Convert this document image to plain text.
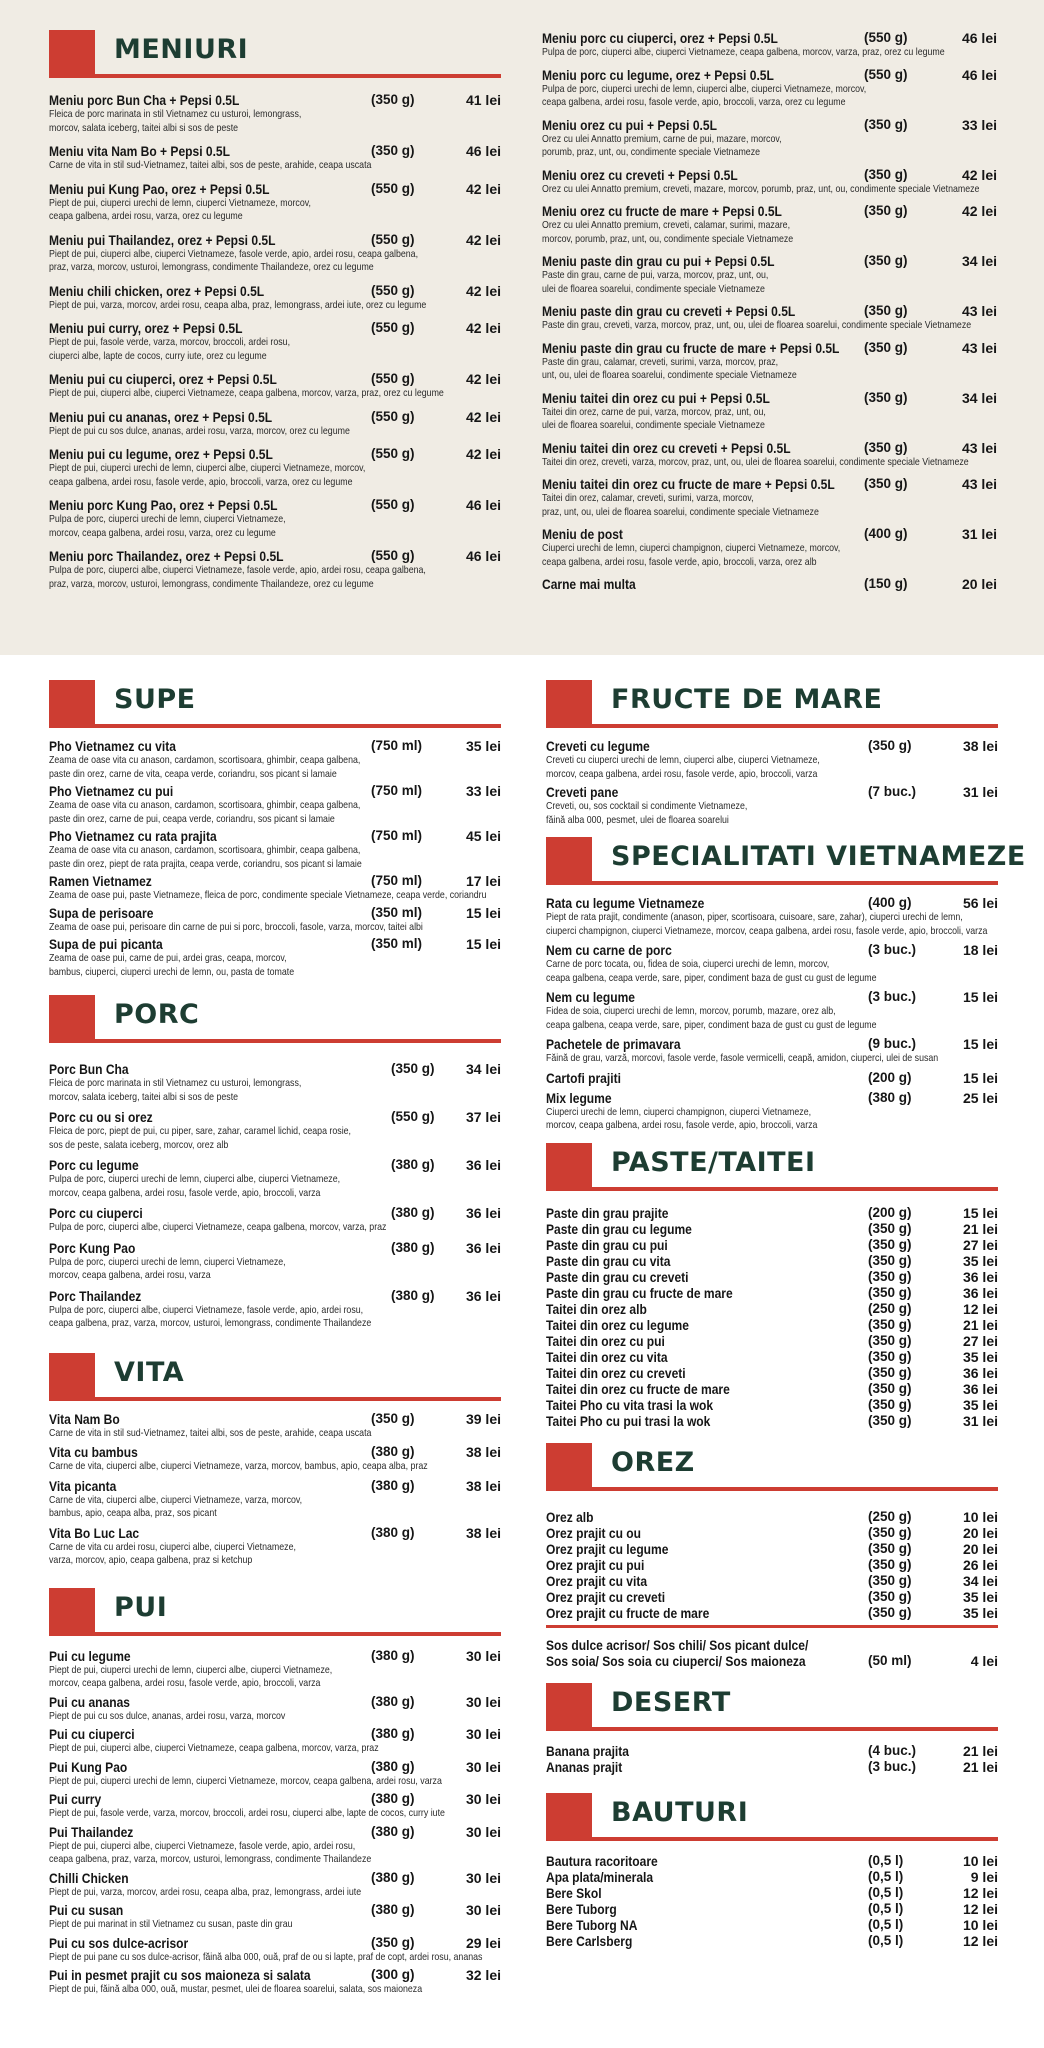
MENIURI
Meniu porc Bun Cha + Pepsi 0.5L	(350 g)	41 lei
Fleica de porc marinata in stil Vietnamez cu usturoi, lemongrass,
morcov, salata iceberg, taitei albi si sos de peste
Meniu vita Nam Bo + Pepsi 0.5L	(350 g)	46 lei
Carne de vita in stil sud-Vietnamez, taitei albi, sos de peste, arahide, ceapa uscata
Meniu pui Kung Pao, orez + Pepsi 0.5L	(550 g)	42 lei
Piept de pui, ciuperci urechi de lemn, ciuperci Vietnameze, morcov,
ceapa galbena, ardei rosu, varza, orez cu legume
Meniu pui Thailandez, orez + Pepsi 0.5L	(550 g)	42 lei
Piept de pui, ciuperci albe, ciuperci Vietnameze, fasole verde, apio, ardei rosu, ceapa galbena,
praz, varza, morcov, usturoi, lemongrass, condimente Thailandeze, orez cu legume
Meniu chili chicken, orez + Pepsi 0.5L	(550 g)	42 lei
Piept de pui, varza, morcov, ardei rosu, ceapa alba, praz, lemongrass, ardei iute, orez cu legume
Meniu pui curry, orez + Pepsi 0.5L	(550 g)	42 lei
Piept de pui, fasole verde, varza, morcov, broccoli, ardei rosu,
ciuperci albe, lapte de cocos, curry iute, orez cu legume
Meniu pui cu ciuperci, orez + Pepsi 0.5L	(550 g)	42 lei
Piept de pui, ciuperci albe, ciuperci Vietnameze, ceapa galbena, morcov, varza, praz, orez cu legume
Meniu pui cu ananas, orez + Pepsi 0.5L	(550 g)	42 lei
Piept de pui cu sos dulce, ananas, ardei rosu, varza, morcov, orez cu legume
Meniu pui cu legume, orez + Pepsi 0.5L	(550 g)	42 lei
Piept de pui, ciuperci urechi de lemn, ciuperci albe, ciuperci Vietnameze, morcov,
ceapa galbena, ardei rosu, fasole verde, apio, broccoli, varza, orez cu legume
Meniu porc Kung Pao, orez + Pepsi 0.5L	(550 g)	46 lei
Pulpa de porc, ciuperci urechi de lemn, ciuperci Vietnameze,
morcov, ceapa galbena, ardei rosu, varza, orez cu legume
Meniu porc Thailandez, orez + Pepsi 0.5L	(550 g)	46 lei
Pulpa de porc, ciuperci albe, ciuperci Vietnameze, fasole verde, apio, ardei rosu, ceapa galbena,
praz, varza, morcov, usturoi, lemongrass, condimente Thailandeze, orez cu legume
Meniu porc cu ciuperci, orez + Pepsi 0.5L	(550 g)	46 lei
Pulpa de porc, ciuperci albe, ciuperci Vietnameze, ceapa galbena, morcov, varza, praz, orez cu legume
Meniu porc cu legume, orez + Pepsi 0.5L	(550 g)	46 lei
Pulpa de porc, ciuperci urechi de lemn, ciuperci albe, ciuperci Vietnameze, morcov,
ceapa galbena, ardei rosu, fasole verde, apio, broccoli, varza, orez cu legume
Meniu orez cu pui + Pepsi 0.5L	(350 g)	33 lei
Orez cu ulei Annatto premium, carne de pui, mazare, morcov,
porumb, praz, unt, ou, condimente speciale Vietnameze
Meniu orez cu creveti + Pepsi 0.5L	(350 g)	42 lei
Orez cu ulei Annatto premium, creveti, mazare, morcov, porumb, praz, unt, ou, condimente speciale Vietnameze
Meniu orez cu fructe de mare + Pepsi 0.5L	(350 g)	42 lei
Orez cu ulei Annatto premium, creveti, calamar, surimi, mazare,
morcov, porumb, praz, unt, ou, condimente speciale Vietnameze
Meniu paste din grau cu pui + Pepsi 0.5L	(350 g)	34 lei
Paste din grau, carne de pui, varza, morcov, praz, unt, ou,
ulei de floarea soarelui, condimente speciale Vietnameze
Meniu paste din grau cu creveti + Pepsi 0.5L	(350 g)	43 lei
Paste din grau, creveti, varza, morcov, praz, unt, ou, ulei de floarea soarelui, condimente speciale Vietnameze
Meniu paste din grau cu fructe de mare + Pepsi 0.5L	(350 g)	43 lei
Paste din grau, calamar, creveti, surimi, varza, morcov, praz,
unt, ou, ulei de floarea soarelui, condimente speciale Vietnameze
Meniu taitei din orez cu pui + Pepsi 0.5L	(350 g)	34 lei
Taitei din orez, carne de pui, varza, morcov, praz, unt, ou,
ulei de floarea soarelui, condimente speciale Vietnameze
Meniu taitei din orez cu creveti + Pepsi 0.5L	(350 g)	43 lei
Taitei din orez, creveti, varza, morcov, praz, unt, ou, ulei de floarea soarelui, condimente speciale Vietnameze
Meniu taitei din orez cu fructe de mare + Pepsi 0.5L	(350 g)	43 lei
Taitei din orez, calamar, creveti, surimi, varza, morcov,
praz, unt, ou, ulei de floarea soarelui, condimente speciale Vietnameze
Meniu de post	(400 g)	31 lei
Ciuperci urechi de lemn, ciuperci champignon, ciuperci Vietnameze, morcov,
ceapa galbena, ardei rosu, fasole verde, apio, broccoli, varza, orez alb
Carne mai multa	(150 g)	20 lei
SUPE
Pho Vietnamez cu vita	(750 ml)	35 lei
Zeama de oase vita cu anason, cardamon, scortisoara, ghimbir, ceapa galbena,
paste din orez, carne de vita, ceapa verde, coriandru, sos picant si lamaie
Pho Vietnamez cu pui	(750 ml)	33 lei
Zeama de oase vita cu anason, cardamon, scortisoara, ghimbir, ceapa galbena,
paste din orez, carne de pui, ceapa verde, coriandru, sos picant si lamaie
Pho Vietnamez cu rata prajita	(750 ml)	45 lei
Zeama de oase vita cu anason, cardamon, scortisoara, ghimbir, ceapa galbena,
paste din orez, piept de rata prajita, ceapa verde, coriandru, sos picant si lamaie
Ramen Vietnamez	(750 ml)	17 lei
Zeama de oase pui, paste Vietnameze, fleica de porc, condimente speciale Vietnameze, ceapa verde, coriandru
Supa de perisoare	(350 ml)	15 lei
Zeama de oase pui, perisoare din carne de pui si porc, broccoli, fasole, varza, morcov, taitei albi
Supa de pui picanta	(350 ml)	15 lei
Zeama de oase pui, carne de pui, ardei gras, ceapa, morcov,
bambus, ciuperci, ciuperci urechi de lemn, ou, pasta de tomate
PORC
Porc Bun Cha	(350 g) 34 lei
Fleica de porc marinata in stil Vietnamez cu usturoi, lemongrass,
morcov, salata iceberg, taitei albi si sos de peste
Porc cu ou si orez	(550 g) 37 lei
Fleica de porc, piept de pui, cu piper, sare, zahar, caramel lichid, ceapa rosie,
sos de peste, salata iceberg, morcov, orez alb
Porc cu legume	(380 g) 36 lei
Pulpa de porc, ciuperci urechi de lemn, ciuperci albe, ciuperci Vietnameze,
morcov, ceapa galbena, ardei rosu, fasole verde, apio, broccoli, varza
Porc cu ciuperci	(380 g) 36 lei
Pulpa de porc, ciuperci albe, ciuperci Vietnameze, ceapa galbena, morcov, varza, praz
Porc Kung Pao	(380 g) 36 lei
Pulpa de porc, ciuperci urechi de lemn, ciuperci Vietnameze,
morcov, ceapa galbena, ardei rosu, varza
Porc Thailandez	(380 g) 36 lei
Pulpa de porc, ciuperci albe, ciuperci Vietnameze, fasole verde, apio, ardei rosu,
ceapa galbena, praz, varza, morcov, usturoi, lemongrass, condimente Thailandeze
VITA
Vita Nam Bo	(350 g)	39 lei
Carne de vita in stil sud-Vietnamez, taitei albi, sos de peste, arahide, ceapa uscata
Vita cu bambus	(380 g)	38 lei
Carne de vita, ciuperci albe, ciuperci Vietnameze, varza, morcov, bambus, apio, ceapa alba, praz
Vita picanta	(380 g)	38 lei
Carne de vita, ciuperci albe, ciuperci Vietnameze, varza, morcov,
bambus, apio, ceapa alba, praz, sos picant
Vita Bo Luc Lac	(380 g)	38 lei
Carne de vita cu ardei rosu, ciuperci albe, ciuperci Vietnameze,
varza, morcov, apio, ceapa galbena, praz si ketchup
PUI
Pui cu legume	(380 g)	30 lei
Piept de pui, ciuperci urechi de lemn, ciuperci albe, ciuperci Vietnameze,
morcov, ceapa galbena, ardei rosu, fasole verde, apio, broccoli, varza
Pui cu ananas	(380 g)	30 lei
Piept de pui cu sos dulce, ananas, ardei rosu, varza, morcov
Pui cu ciuperci	(380 g)	30 lei
Piept de pui, ciuperci albe, ciuperci Vietnameze, ceapa galbena, morcov, varza, praz
Pui Kung Pao	(380 g)	30 lei
Piept de pui, ciuperci urechi de lemn, ciuperci Vietnameze, morcov, ceapa galbena, ardei rosu, varza
Pui curry	(380 g)	30 lei
Piept de pui, fasole verde, varza, morcov, broccoli, ardei rosu, ciuperci albe, lapte de cocos, curry iute
Pui Thailandez	(380 g)	30 lei
Piept de pui, ciuperci albe, ciuperci Vietnameze, fasole verde, apio, ardei rosu,
ceapa galbena, praz, varza, morcov, usturoi, lemongrass, condimente Thailandeze
Chilli Chicken	(380 g)	30 lei
Piept de pui, varza, morcov, ardei rosu, ceapa alba, praz, lemongrass, ardei iute
Pui cu susan	(380 g)	30 lei
Piept de pui marinat in stil Vietnamez cu susan, paste din grau
Pui cu sos dulce-acrisor	(350 g)	29 lei
Piept de pui pane cu sos dulce-acrisor, făină alba 000, ouă, praf de ou si lapte, praf de copt, ardei rosu, ananas
Pui in pesmet prajit cu sos maioneza si salata	(300 g)	32 lei
Piept de pui, făină alba 000, ouă, mustar, pesmet, ulei de floarea soarelui, salata, sos maioneza
FRUCTE DE MARE
Creveti cu legume	(350 g)	38 lei
Creveti cu ciuperci urechi de lemn, ciuperci albe, ciuperci Vietnameze,
morcov, ceapa galbena, ardei rosu, fasole verde, apio, broccoli, varza
Creveti pane	(7 buc.)	31 lei
Creveti, ou, sos cocktail si condimente Vietnameze,
făină alba 000, pesmet, ulei de floarea soarelui
SPECIALITATI VIETNAMEZE
Rata cu legume Vietnameze	(400 g)	56 lei
Piept de rata prajit, condimente (anason, piper, scortisoara, cuisoare, sare, zahar), ciuperci urechi de lemn,
ciuperci champignon, ciuperci Vietnameze, morcov, ceapa galbena, ardei rosu, fasole verde, apio, broccoli, varza
Nem cu carne de porc	(3 buc.)	18 lei
Carne de porc tocata, ou, fidea de soia, ciuperci urechi de lemn, morcov,
ceapa galbena, ceapa verde, sare, piper, condiment baza de gust cu gust de legume
Nem cu legume	(3 buc.)	15 lei
Fidea de soia, ciuperci urechi de lemn, morcov, porumb, mazare, orez alb,
ceapa galbena, ceapa verde, sare, piper, condiment baza de gust cu gust de legume
Pachetele de primavara	(9 buc.)	15 lei
Făină de grau, varză, morcovi, fasole verde, fasole vermicelli, ceapă, amidon, ciuperci, ulei de susan
Cartofi prajiti	(200 g)	15 lei
Mix legume	(380 g)	25 lei
Ciuperci urechi de lemn, ciuperci champignon, ciuperci Vietnameze,
morcov, ceapa galbena, ardei rosu, fasole verde, apio, broccoli, varza
PASTE/TAITEI
Paste din grau prajite	(200 g)	15 lei
Paste din grau cu legume	(350 g)	21 lei
Paste din grau cu pui	(350 g)	27 lei
Paste din grau cu vita	(350 g)	35 lei
Paste din grau cu creveti	(350 g)	36 lei
Paste din grau cu fructe de mare	(350 g)	36 lei
Taitei din orez alb	(250 g)	12 lei
Taitei din orez cu legume	(350 g)	21 lei
Taitei din orez cu pui	(350 g)	27 lei
Taitei din orez cu vita	(350 g)	35 lei
Taitei din orez cu creveti	(350 g)	36 lei
Taitei din orez cu fructe de mare	(350 g)	36 lei
Taitei Pho cu vita trasi la wok	(350 g)	35 lei
Taitei Pho cu pui trasi la wok	(350 g)	31 lei
OREZ
Orez alb	(250 g)	10 lei
Orez prajit cu ou	(350 g)	20 lei
Orez prajit cu legume	(350 g)	20 lei
Orez prajit cu pui	(350 g)	26 lei
Orez prajit cu vita	(350 g)	34 lei
Orez prajit cu creveti	(350 g)	35 lei
Orez prajit cu fructe de mare	(350 g)	35 lei
Sos dulce acrisor/ Sos chili/ Sos picant dulce/
Sos soia/ Sos soia cu ciuperci/ Sos maioneza	(50 ml)	4 lei
DESERT
Banana prajita	(4 buc.)	21 lei
Ananas prajit	(3 buc.)	21 lei
BAUTURI
Bautura racoritoare	(0,5 l)	10 lei
Apa plata/minerala	(0,5 l)	9 lei
Bere Skol	(0,5 l)	12 lei
Bere Tuborg	(0,5 l)	12 lei
Bere Tuborg NA	(0,5 l)	10 lei
Bere Carlsberg	(0,5 l)	12 lei
